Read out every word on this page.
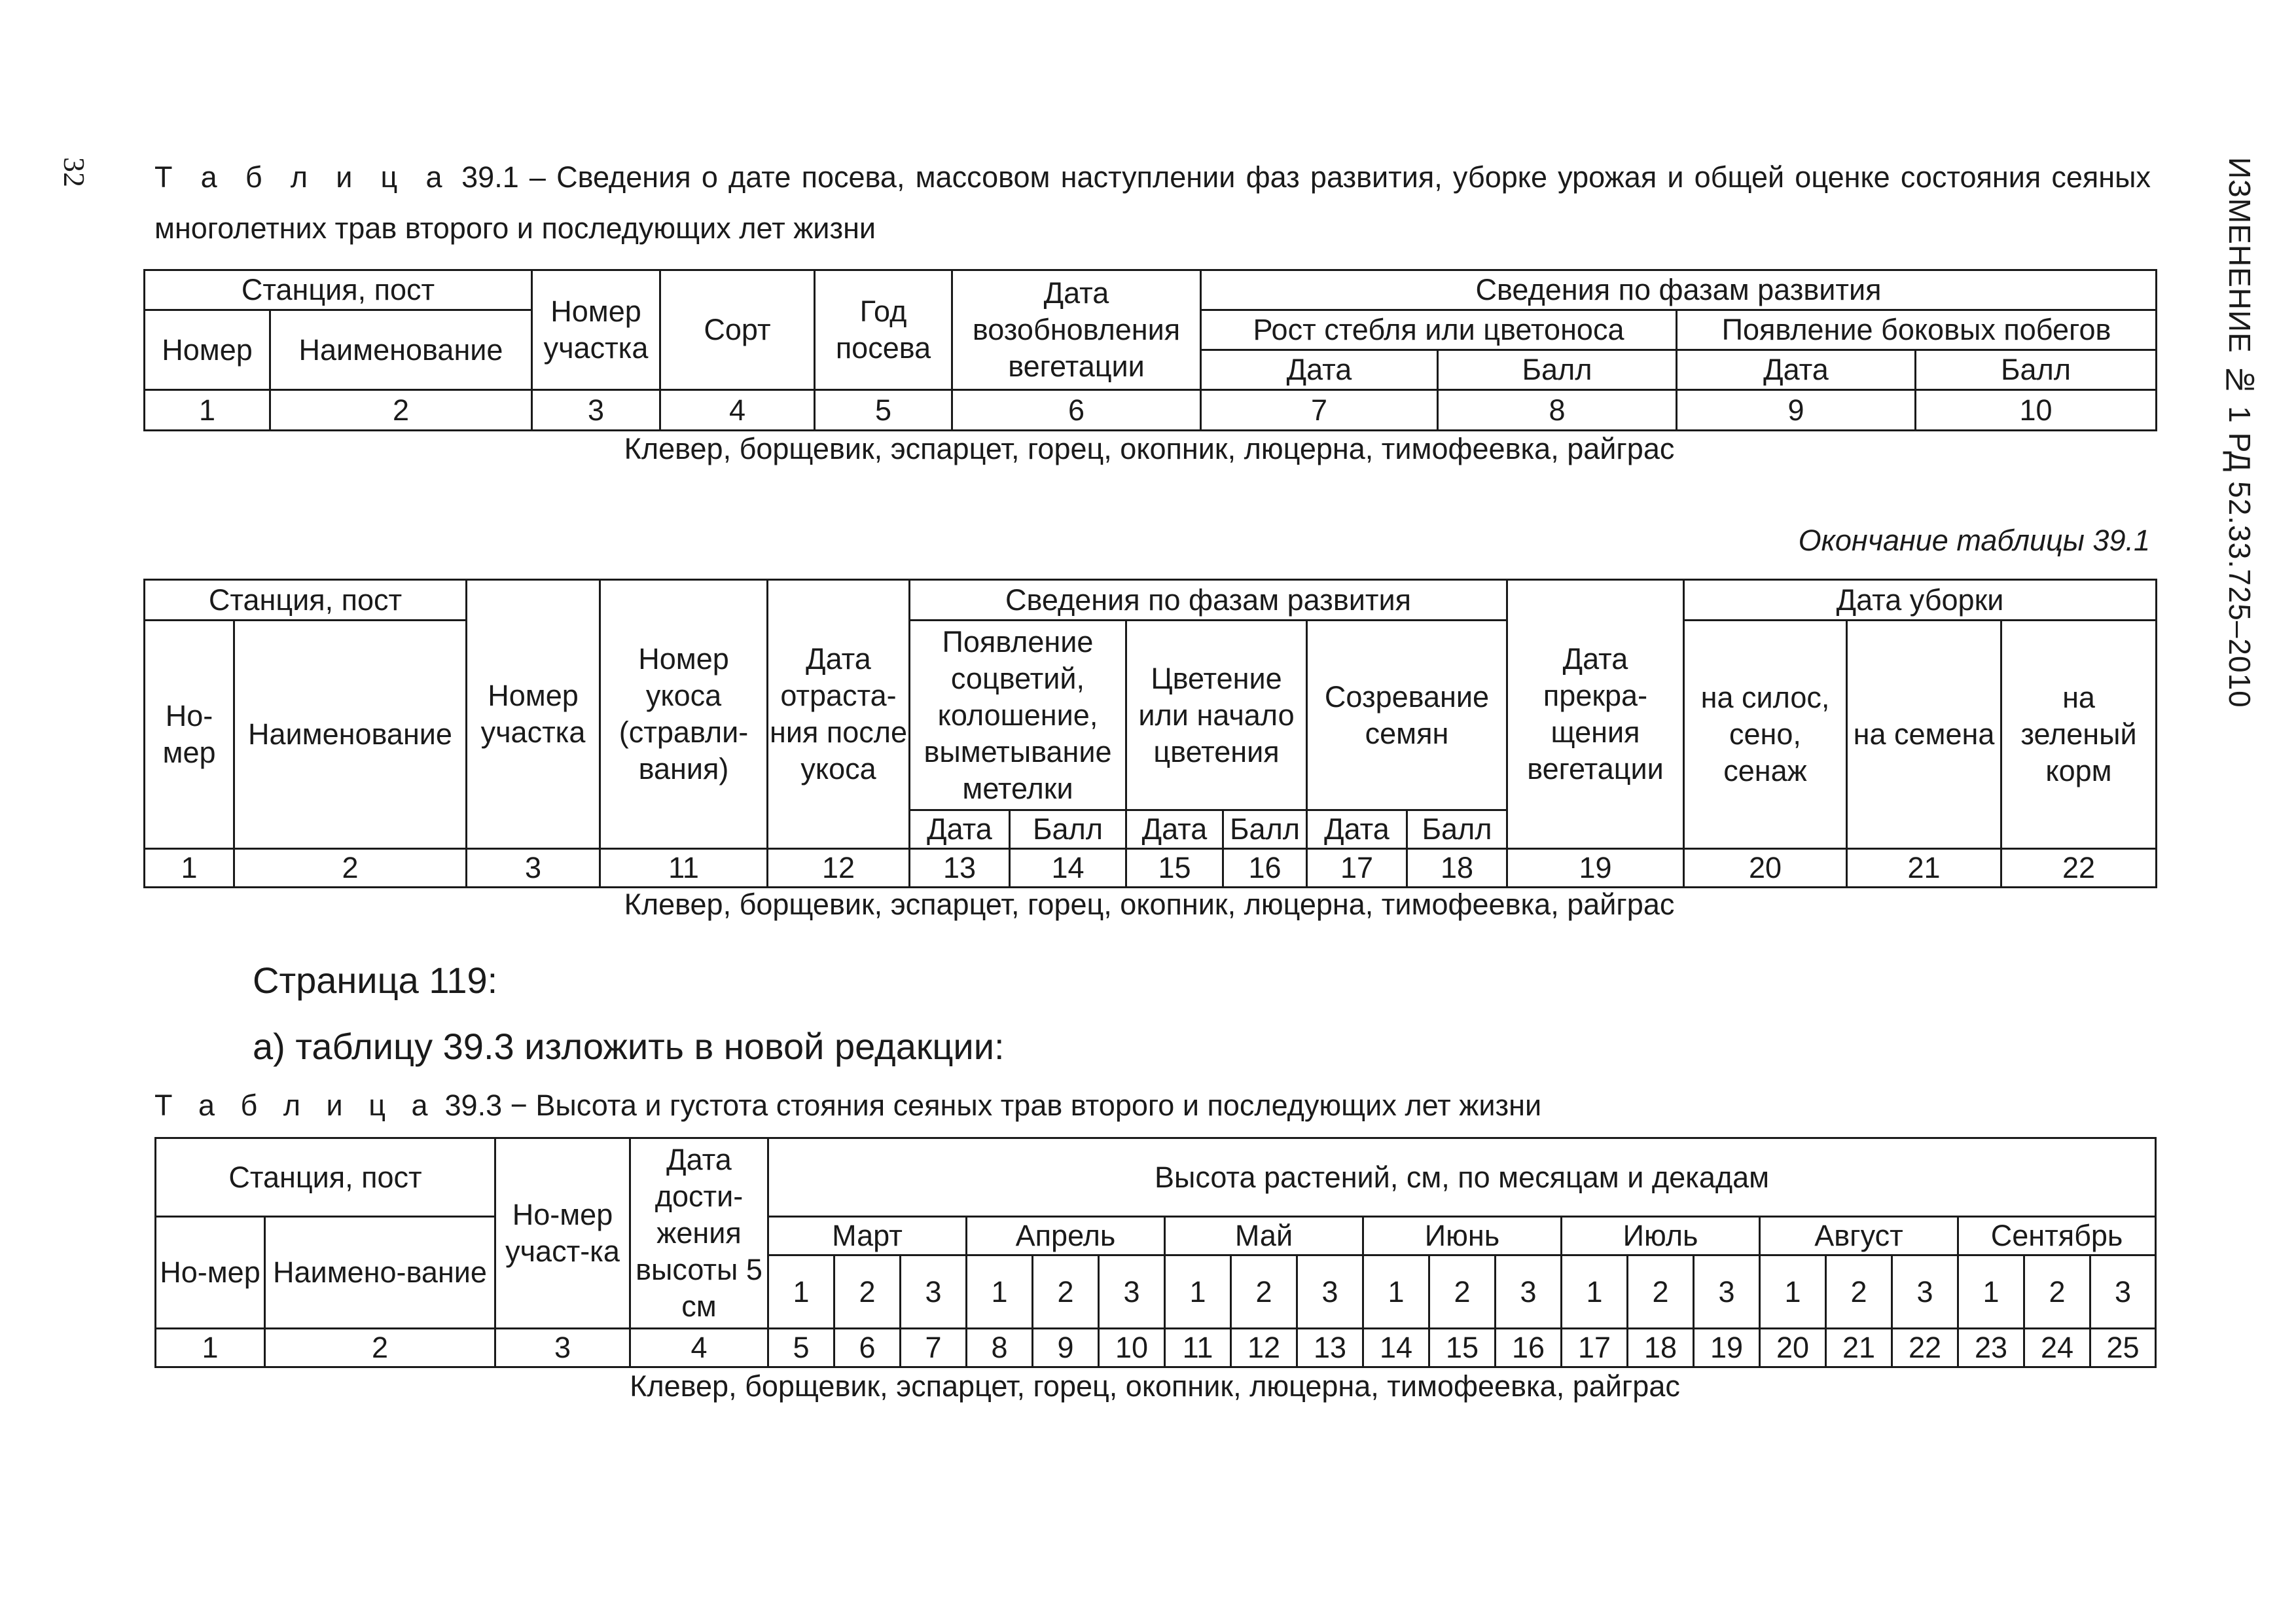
32	ИЗМЕНЕНИЕ № 1 РД 52.33.725–2010
Т а б л и ц а 39.1 – Сведения о дате посева, массовом наступлении фаз развития, уборке урожая и общей оценке состояния сеяных многолетних трав второго и последующих лет жизни
Станция, пост		Номер участка	Сорт	Год посева	Дата возобновления вегетации	Сведения по фазам развития			
Номер	Наименование					Рост стебля или цветоноса		Появление боковых побегов	
						Дата	Балл	Дата	Балл
1	2	3	4	5	6	7	8	9	10
Клевер, борщевик, эспарцет, горец, окопник, люцерна, тимофеевка, райграс
Окончание таблицы 39.1
Станция, пост		Номер участка	Номер укоса (стравли-вания)	Дата отраста-ния после укоса	Сведения по фазам развития						Дата прекра-щения вегетации	Дата уборки		
Но-мер	Наименование				Появление соцветий, колошение, выметывание метелки		Цветение или начало цветения		Созревание семян			на силос, сено, сенаж	на семена	на зеленый корм
					Дата	Балл	Дата	Балл	Дата	Балл				
1	2	3	11	12	13	14	15	16	17	18	19	20	21	22
Клевер, борщевик, эспарцет, горец, окопник, люцерна, тимофеевка, райграс
Страница 119:
а) таблицу 39.3 изложить в новой редакции:
Т а б л и ц а 39.3 − Высота и густота стояния сеяных трав второго и последующих лет жизни
Станция, пост		Но-мер участ-ка	Дата дости-жения высоты 5 см	Высота растений, см, по месяцам и декадам																				
Но-мер	Наимено-вание			Март			Апрель			Май			Июнь			Июль			Август			Сентябрь		
				1	2	3	1	2	3	1	2	3	1	2	3	1	2	3	1	2	3	1	2	3
1	2	3	4	5	6	7	8	9	10	11	12	13	14	15	16	17	18	19	20	21	22	23	24	25
Клевер, борщевик, эспарцет, горец, окопник, люцерна, тимофеевка, райграс
